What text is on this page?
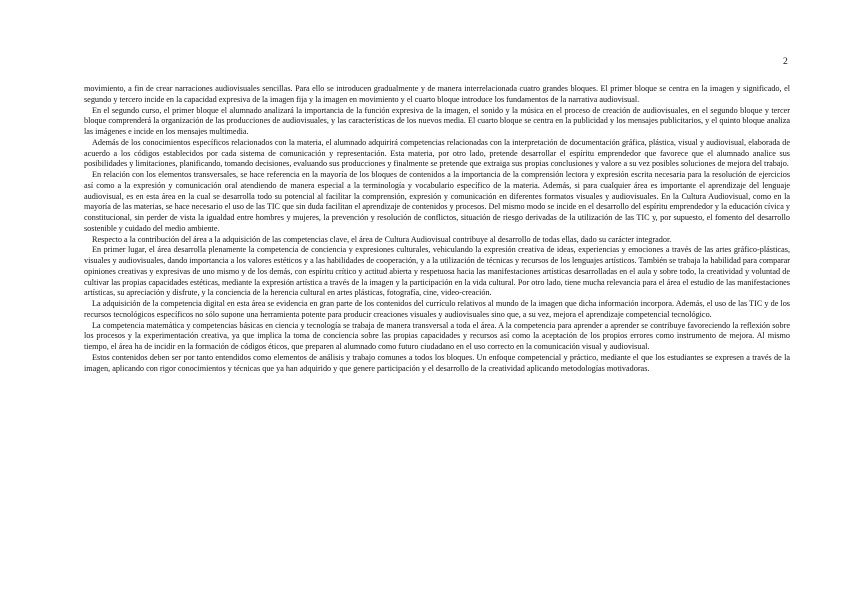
2

movimiento, a fin de crear narraciones audiovisuales sencillas. Para ello se introducen gradualmente y de manera interrelacionada cuatro grandes bloques. El primer bloque se centra en la imagen y significado, el segundo y tercero incide en la capacidad expresiva de la imagen fija y la imagen en movimiento y el cuarto bloque introduce los fundamentos de la narrativa audiovisual.

En el segundo curso, el primer bloque el alumnado analizará la importancia de la función expresiva de la imagen, el sonido y la música en el proceso de creación de audiovisuales, en el segundo bloque y tercer bloque comprenderá la organización de las producciones de audiovisuales, y las características de los nuevos media. El cuarto bloque se centra en la publicidad y los mensajes publicitarios, y el quinto bloque analiza las imágenes e incide en los mensajes multimedia.

Además de los conocimientos específicos relacionados con la materia, el alumnado adquirirá competencias relacionadas con la interpretación de documentación gráfica, plástica, visual y audiovisual, elaborada de acuerdo a los códigos establecidos por cada sistema de comunicación y representación. Esta materia, por otro lado, pretende desarrollar el espíritu emprendedor que favorece que el alumnado analice sus posibilidades y limitaciones, planificando, tomando decisiones, evaluando sus producciones y finalmente se pretende que extraiga sus propias conclusiones y valore a su vez posibles soluciones de mejora del trabajo.

En relación con los elementos transversales, se hace referencia en la mayoría de los bloques de contenidos a la importancia de la comprensión lectora y expresión escrita necesaria para la resolución de ejercicios así como a la expresión y comunicación oral atendiendo de manera especial a la terminología y vocabulario específico de la materia. Además, si para cualquier área es importante el aprendizaje del lenguaje audiovisual, es en esta área en la cual se desarrolla todo su potencial al facilitar la comprensión, expresión y comunicación en diferentes formatos visuales y audiovisuales. En la Cultura Audiovisual, como en la mayoría de las materias, se hace necesario el uso de las TIC que sin duda facilitan el aprendizaje de contenidos y procesos. Del mismo modo se incide en el desarrollo del espíritu emprendedor y la educación cívica y constitucional, sin perder de vista la igualdad entre hombres y mujeres, la prevención y resolución de conflictos, situación de riesgo derivadas de la utilización de las TIC y, por supuesto, el fomento del desarrollo sostenible y cuidado del medio ambiente.

Respecto a la contribución del área a la adquisición de las competencias clave, el área de Cultura Audiovisual contribuye al desarrollo de todas ellas, dado su carácter integrador.

En primer lugar, el área desarrolla plenamente la competencia de conciencia y expresiones culturales, vehiculando la expresión creativa de ideas, experiencias y emociones a través de las artes gráfico-plásticas, visuales y audiovisuales, dando importancia a los valores estéticos y a las habilidades de cooperación, y a la utilización de técnicas y recursos de los lenguajes artísticos. También se trabaja la habilidad para comparar opiniones creativas y expresivas de uno mismo y de los demás, con espíritu crítico y actitud abierta y respetuosa hacia las manifestaciones artísticas desarrolladas en el aula y sobre todo, la creatividad y voluntad de cultivar las propias capacidades estéticas, mediante la expresión artística a través de la imagen y la participación en la vida cultural. Por otro lado, tiene mucha relevancia para el área el estudio de las manifestaciones artísticas, su apreciación y disfrute, y la conciencia de la herencia cultural en artes plásticas, fotografía, cine, video-creación.

La adquisición de la competencia digital en esta área se evidencia en gran parte de los contenidos del currículo relativos al mundo de la imagen que dicha información incorpora. Además, el uso de las TIC y de los recursos tecnológicos específicos no sólo supone una herramienta potente para producir creaciones visuales y audiovisuales sino que, a su vez, mejora el aprendizaje competencial tecnológico.

La competencia matemática y competencias básicas en ciencia y tecnología se trabaja de manera transversal a toda el área. A la competencia para aprender a aprender se contribuye favoreciendo la reflexión sobre los procesos y la experimentación creativa, ya que implica la toma de conciencia sobre las propias capacidades y recursos así como la aceptación de los propios errores como instrumento de mejora. Al mismo tiempo, el área ha de incidir en la formación de códigos éticos, que preparen al alumnado como futuro ciudadano en el uso correcto en la comunicación visual y audiovisual.

Estos contenidos deben ser por tanto entendidos como elementos de análisis y trabajo comunes a todos los bloques. Un enfoque competencial y práctico, mediante el que los estudiantes se expresen a través de la imagen, aplicando con rigor conocimientos y técnicas que ya han adquirido y que genere participación y el desarrollo de la creatividad aplicando metodologías motivadoras.
